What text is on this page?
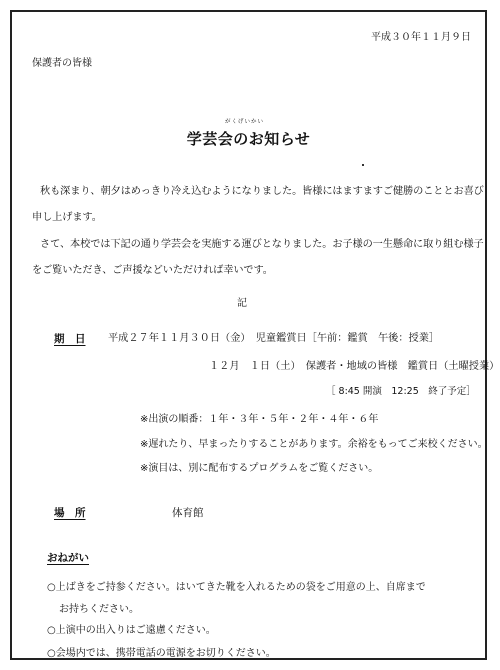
平成３０年１１月９日
保護者の皆様
がくげいかい
学芸会のお知らせ
秋も深まり、朝夕はめっきり冷え込むようになりました。皆様にはますますご健勝のこととお喜び申し上げます。
さて、本校では下記の通り学芸会を実施する運びとなりました。お子様の一生懸命に取り組む様子をご覧いただき、ご声援などいただければ幸いです。
記
期　日 平成２７年１１月３０日（金）　児童鑑賞日［午前：鑑賞　午後：授業］
１２月　１日（土）　保護者・地域の皆様　鑑賞日（土曜授業）
［ 8:45 開演　12:25　終了予定］
※出演の順番：１年・３年・５年・２年・４年・６年
※遅れたり、早まったりすることがあります。余裕をもってご来校ください。
※演目は、別に配布するプログラムをご覧ください。
場　所	体育館
おねがい
○上ばきをご持参ください。はいてきた靴を入れるための袋をご用意の上、自席まで
お持ちください。
○上演中の出入りはご遠慮ください。
○会場内では、携帯電話の電源をお切りください。
